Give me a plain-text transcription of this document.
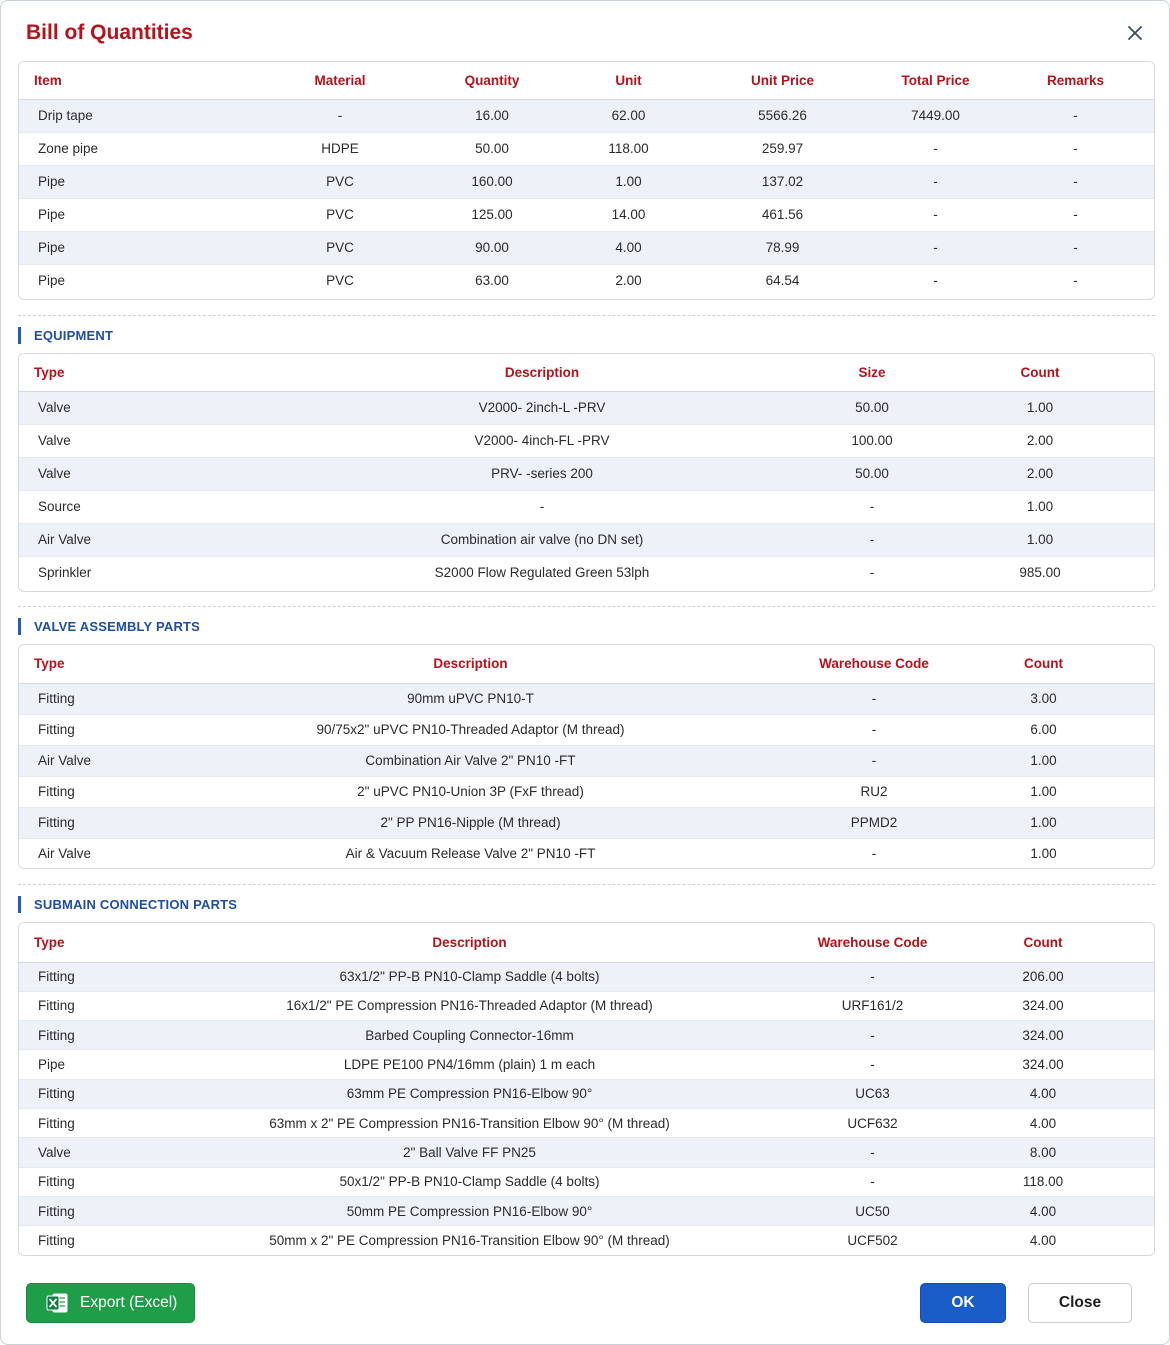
Bill of Quantities
Item	Material	Quantity	Unit	Unit Price	Total Price	Remarks
Drip tape	-	16.00	62.00	5566.26	7449.00	-
Zone pipe	HDPE	50.00	118.00	259.97	-	-
Pipe	PVC	160.00	1.00	137.02	-	-
Pipe	PVC	125.00	14.00	461.56	-	-
Pipe	PVC	90.00	4.00	78.99	-	-
Pipe	PVC	63.00	2.00	64.54	-	-
EQUIPMENT
Type	Description	Size	Count
Valve	V2000- 2inch-L -PRV	50.00	1.00
Valve	V2000- 4inch-FL -PRV	100.00	2.00
Valve	PRV- -series 200	50.00	2.00
Source	-	-	1.00
Air Valve	Combination air valve (no DN set)	-	1.00
Sprinkler	S2000 Flow Regulated Green 53lph	-	985.00
VALVE ASSEMBLY PARTS
Type	Description	Warehouse Code	Count
Fitting	90mm uPVC PN10-T	-	3.00
Fitting	90/75x2" uPVC PN10-Threaded Adaptor (M thread)	-	6.00
Air Valve	Combination Air Valve 2" PN10 -FT	-	1.00
Fitting	2" uPVC PN10-Union 3P (FxF thread)	RU2	1.00
Fitting	2" PP PN16-Nipple (M thread)	PPMD2	1.00
Air Valve	Air & Vacuum Release Valve 2" PN10 -FT	-	1.00
SUBMAIN CONNECTION PARTS
Type	Description	Warehouse Code	Count
Fitting	63x1/2" PP-B PN10-Clamp Saddle (4 bolts)	-	206.00
Fitting	16x1/2" PE Compression PN16-Threaded Adaptor (M thread)	URF161/2	324.00
Fitting	Barbed Coupling Connector-16mm	-	324.00
Pipe	LDPE PE100 PN4/16mm (plain) 1 m each	-	324.00
Fitting	63mm PE Compression PN16-Elbow 90°	UC63	4.00
Fitting	63mm x 2" PE Compression PN16-Transition Elbow 90° (M thread)	UCF632	4.00
Valve	2" Ball Valve FF PN25	-	8.00
Fitting	50x1/2" PP-B PN10-Clamp Saddle (4 bolts)	-	118.00
Fitting	50mm PE Compression PN16-Elbow 90°	UC50	4.00
Fitting	50mm x 2" PE Compression PN16-Transition Elbow 90° (M thread)	UCF502	4.00
Export (Excel)	OK	Close
